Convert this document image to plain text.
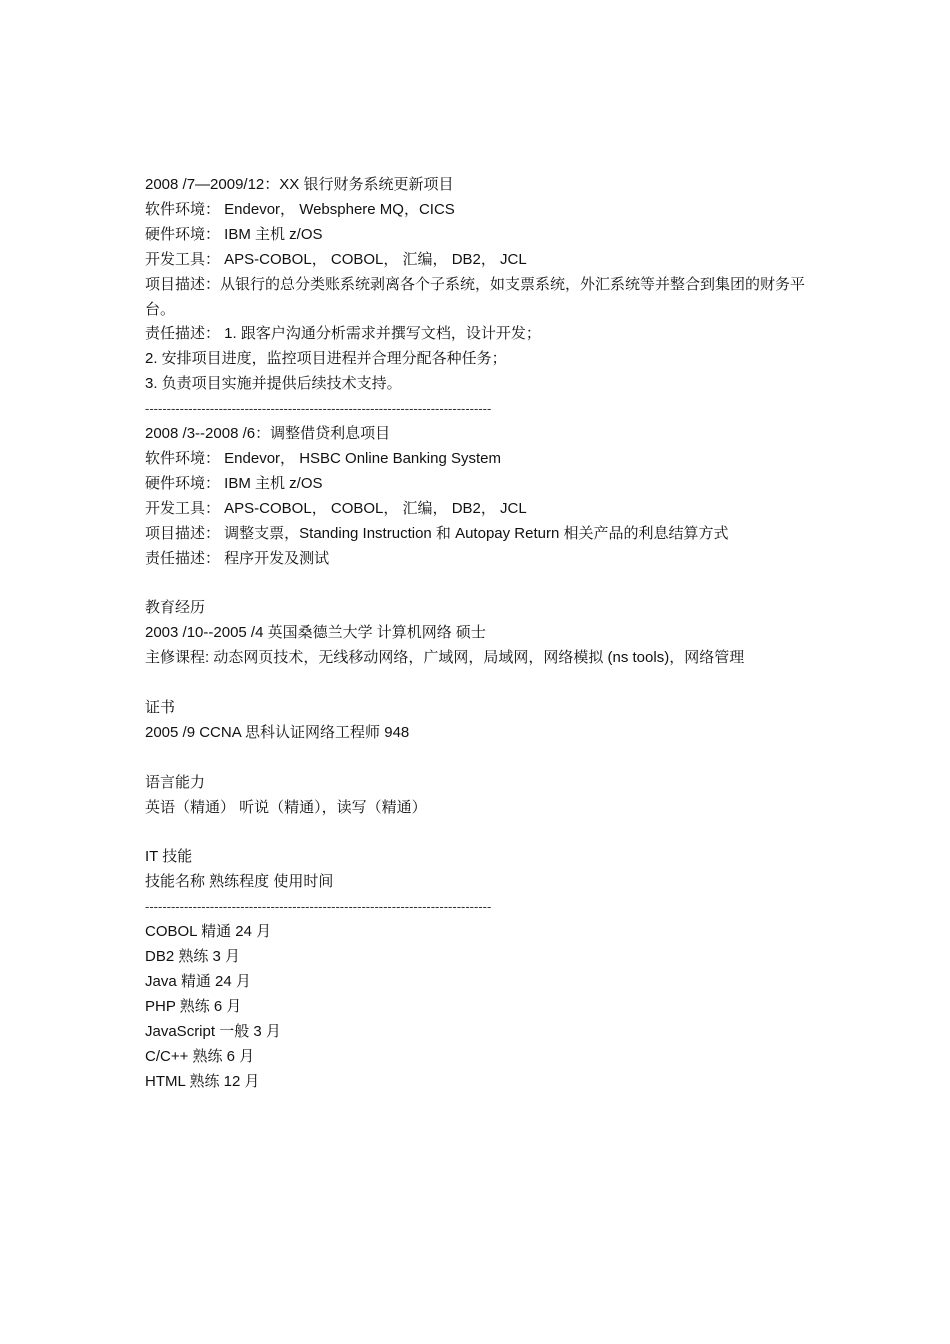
2008 /7—2009/12：XX 银行财务系统更新项目
软件环境： Endevor， Websphere MQ，CICS
硬件环境： IBM 主机 z/OS
开发工具： APS-COBOL， COBOL， 汇编， DB2， JCL
项目描述：从银行的总分类账系统剥离各个子系统，如支票系统，外汇系统等并整合到集团的财务平台。
责任描述： 1. 跟客户沟通分析需求并撰写文档，设计开发；
2. 安排项目进度，监控项目进程并合理分配各种任务；
3. 负责项目实施并提供后续技术支持。
--------------------------------------------------------------------------------
2008 /3--2008 /6：调整借贷利息项目
软件环境： Endevor， HSBC Online Banking System
硬件环境： IBM 主机 z/OS
开发工具： APS-COBOL， COBOL， 汇编， DB2， JCL
项目描述： 调整支票，Standing Instruction 和 Autopay Return 相关产品的利息结算方式
责任描述： 程序开发及测试
教育经历
2003 /10--2005 /4 英国桑德兰大学 计算机网络 硕士
主修课程: 动态网页技术，无线移动网络，广域网，局域网，网络模拟 (ns tools)，网络管理
证书
2005 /9 CCNA 思科认证网络工程师 948
语言能力
英语（精通） 听说（精通），读写（精通）
IT 技能
技能名称 熟练程度 使用时间
--------------------------------------------------------------------------------
COBOL 精通 24 月
DB2 熟练 3 月
Java 精通 24 月
PHP 熟练 6 月
JavaScript 一般 3 月
C/C++ 熟练 6 月
HTML 熟练 12 月
